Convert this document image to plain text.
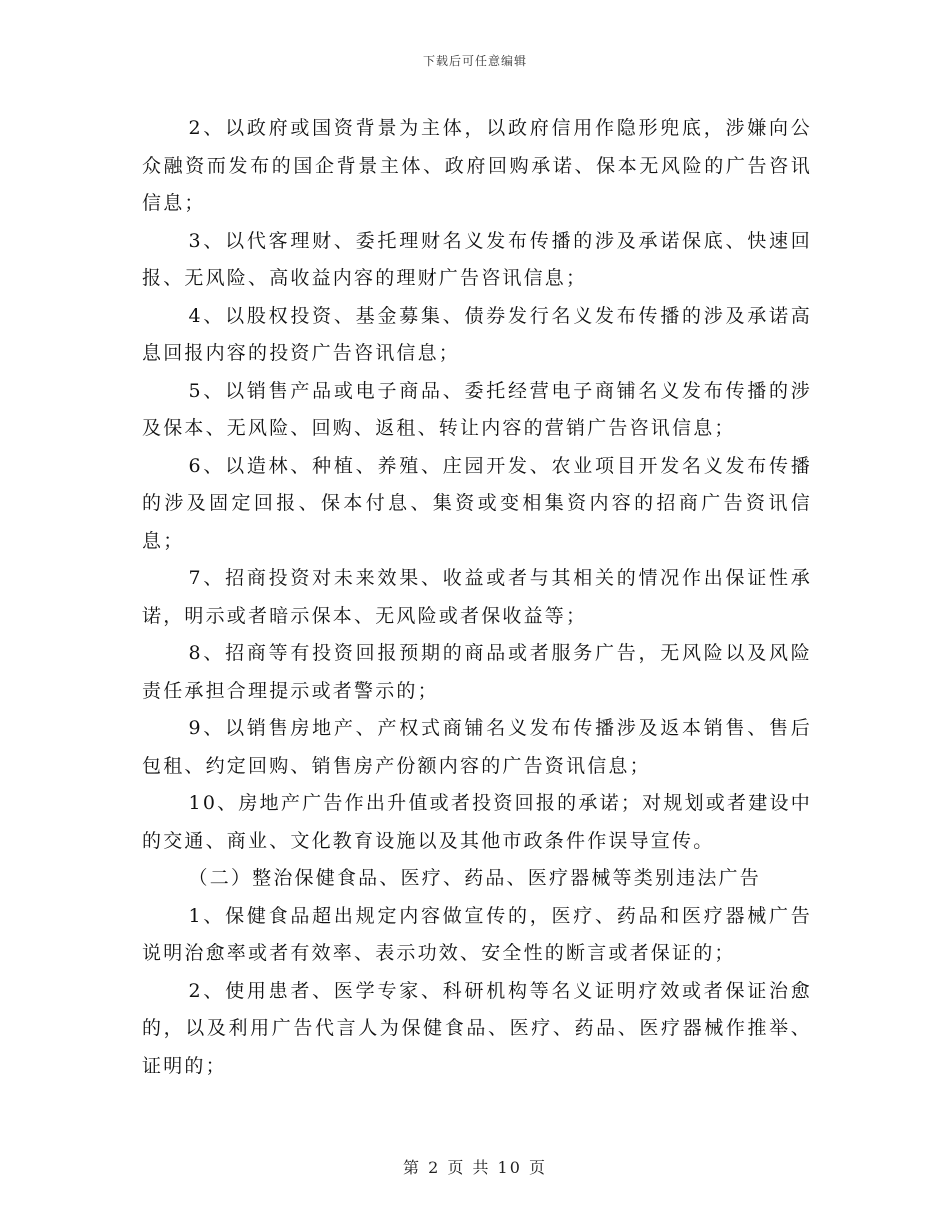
下载后可任意编辑

2、以政府或国资背景为主体，以政府信用作隐形兜底，涉嫌向公众融资而发布的国企背景主体、政府回购承诺、保本无风险的广告咨讯信息；

3、以代客理财、委托理财名义发布传播的涉及承诺保底、快速回报、无风险、高收益内容的理财广告咨讯信息；

4、以股权投资、基金募集、债券发行名义发布传播的涉及承诺高息回报内容的投资广告咨讯信息；

5、以销售产品或电子商品、委托经营电子商铺名义发布传播的涉及保本、无风险、回购、返租、转让内容的营销广告咨讯信息；

6、以造林、种植、养殖、庄园开发、农业项目开发名义发布传播的涉及固定回报、保本付息、集资或变相集资内容的招商广告资讯信息；

7、招商投资对未来效果、收益或者与其相关的情况作出保证性承诺，明示或者暗示保本、无风险或者保收益等；

8、招商等有投资回报预期的商品或者服务广告，无风险以及风险责任承担合理提示或者警示的；

9、以销售房地产、产权式商铺名义发布传播涉及返本销售、售后包租、约定回购、销售房产份额内容的广告资讯信息；

10、房地产广告作出升值或者投资回报的承诺；对规划或者建设中的交通、商业、文化教育设施以及其他市政条件作误导宣传。

（二）整治保健食品、医疗、药品、医疗器械等类别违法广告

1、保健食品超出规定内容做宣传的，医疗、药品和医疗器械广告说明治愈率或者有效率、表示功效、安全性的断言或者保证的；

2、使用患者、医学专家、科研机构等名义证明疗效或者保证治愈的，以及利用广告代言人为保健食品、医疗、药品、医疗器械作推举、证明的；

第 2 页 共 10 页
